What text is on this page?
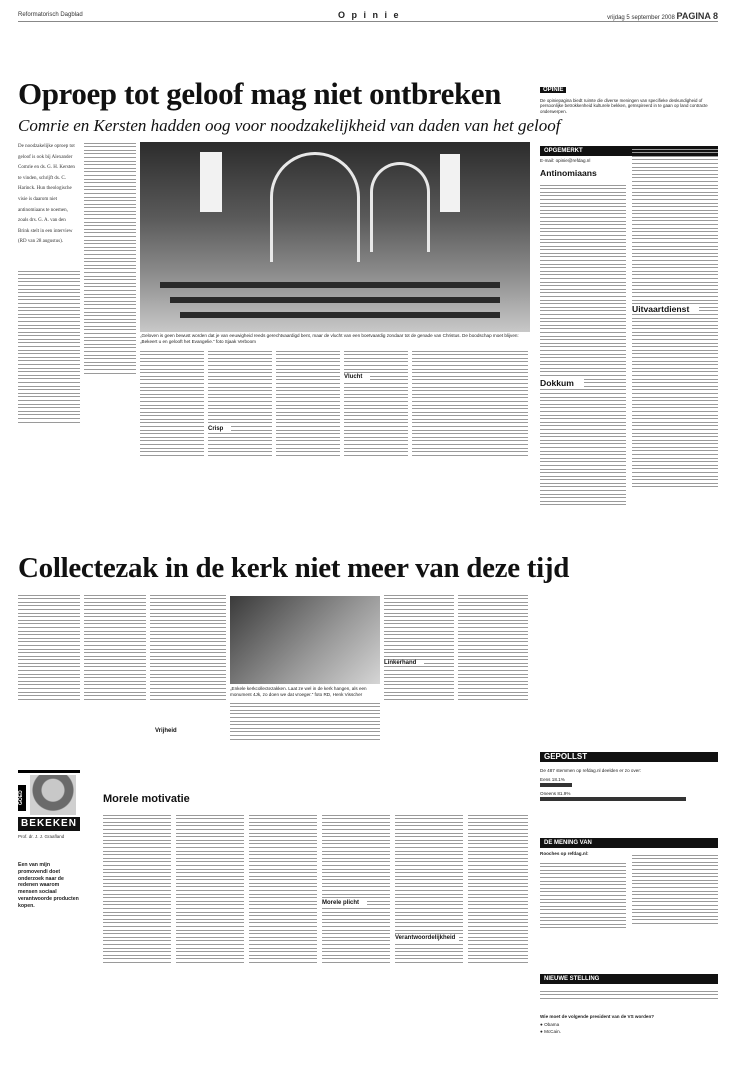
Reformatorisch Dagblad	O p i n i e	vrijdag 5 september 2008 PAGINA 8
Oproep tot geloof mag niet ontbreken
Comrie en Kersten hadden oog voor noodzakelijkheid van daden van het geloof
De noodzakelijke oproep tot geloof is ook bij Alexander Comrie en ds. G. H. Kersten te vinden, schrijft ds. C. Harinck. Hun theologische visie is daarom niet antinomiaans te noemen, zoals drs. G. A. van den Brink stelt in een interview (RD van 28 augustus).
„Geloven is geen bewust worden dat je van eeuwigheid reeds gerechtvaardigd bent, maar de vlucht van een boetvaardig zondaar tot de genade van Christus. De boodschap moet blijven: „Bekeert u en gelooft het Evangelie.” foto Sjaak Verboom
Crisp
Vlucht
Collectezak in de kerk niet meer van deze tijd
„Enkele kerkcollectezakken. Laat ze wel in de kerk hangen, als een monument 4Jk, zo doen we dat vroeger.” foto RD, Henk Visscher
Vrijheid
Linkerhand
GOED
BEKEKEN
Prof. dr. J. J. Graafland
Een van mijn promovendi doet onderzoek naar de redenen waarom mensen sociaal verantwoorde producten kopen.
Morele motivatie
Morele plicht
Verantwoordelijkheid
OPINIE
De opiniepagina biedt ruimte die diverse meningen van specifieke deskundigheid of persoonlijke betrokkenheid kulturele bekken, geïnspireerd in te gaan op land contracte onderwerpen.
OPGEMERKT
E-mail: opinie@refdag.nl
Antinomiaans
Dokkum
Uitvaartdienst
GEPOLLST
De 487 stemmen op refdag.nl deelden er zo over:
Eens 18.1%
Oneens 81.9%
DE MENING VAN
Rooches op refdag.nl:
NIEUWE STELLING
Wie moet de volgende president van de VS worden?
● Obama
● McCain.
